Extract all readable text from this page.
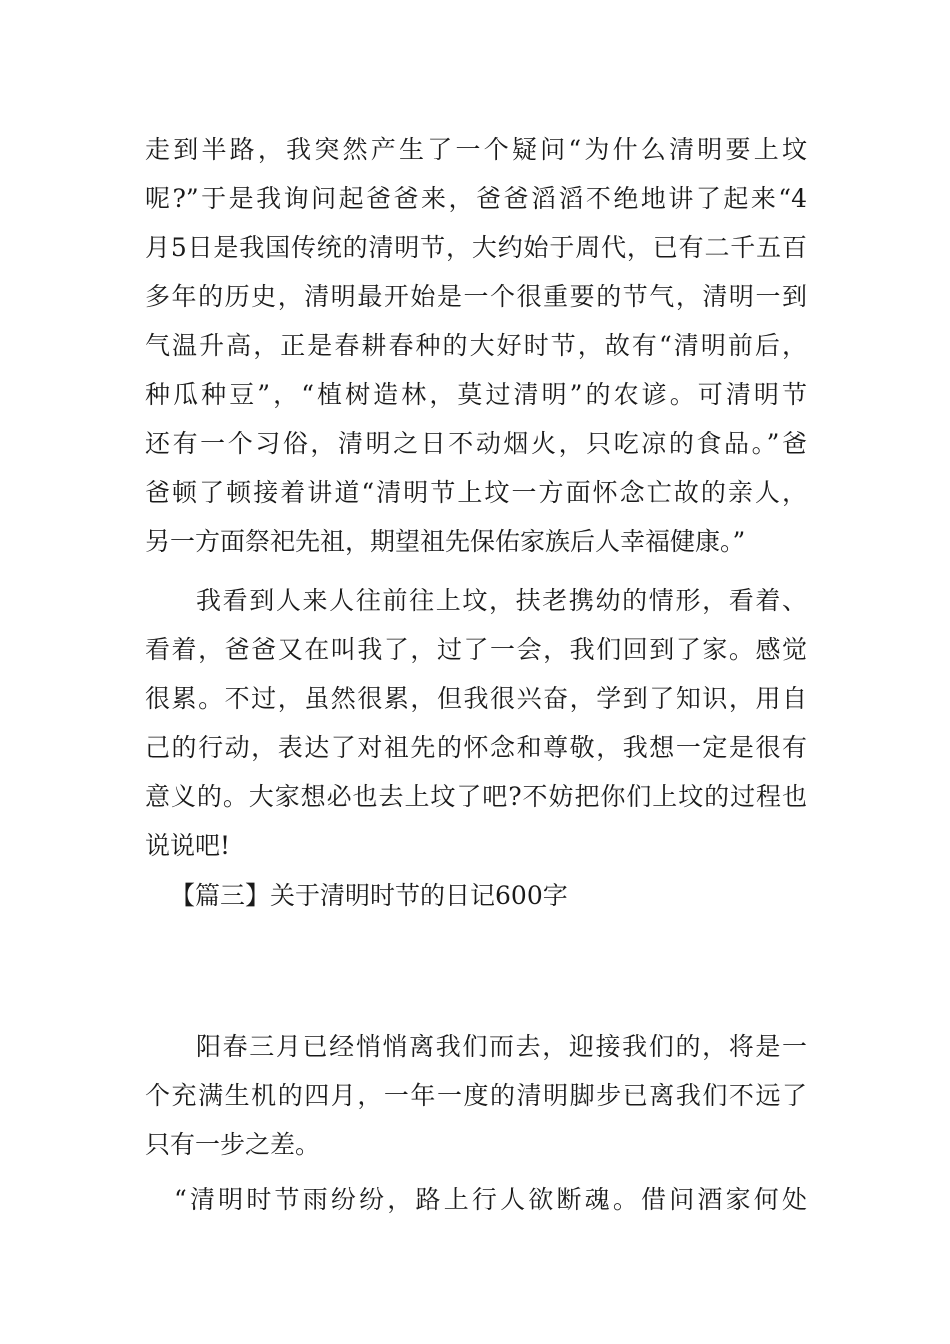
走到半路，我突然产生了一个疑问“为什么清明要上坟
呢?”于是我询问起爸爸来，爸爸滔滔不绝地讲了起来“4
月5日是我国传统的清明节，大约始于周代，已有二千五百
多年的历史，清明最开始是一个很重要的节气，清明一到
气温升高，正是春耕春种的大好时节，故有“清明前后，
种瓜种豆”，“植树造林，莫过清明”的农谚。可清明节
还有一个习俗，清明之日不动烟火，只吃凉的食品。”爸
爸顿了顿接着讲道“清明节上坟一方面怀念亡故的亲人，
另一方面祭祀先祖，期望祖先保佑家族后人幸福健康。”
我看到人来人往前往上坟，扶老携幼的情形，看着、
看着，爸爸又在叫我了，过了一会，我们回到了家。感觉
很累。不过，虽然很累，但我很兴奋，学到了知识，用自
己的行动，表达了对祖先的怀念和尊敬，我想一定是很有
意义的。大家想必也去上坟了吧?不妨把你们上坟的过程也
说说吧!
【篇三】关于清明时节的日记600字
阳春三月已经悄悄离我们而去，迎接我们的，将是一
个充满生机的四月，一年一度的清明脚步已离我们不远了
只有一步之差。
“清明时节雨纷纷，路上行人欲断魂。借问酒家何处
